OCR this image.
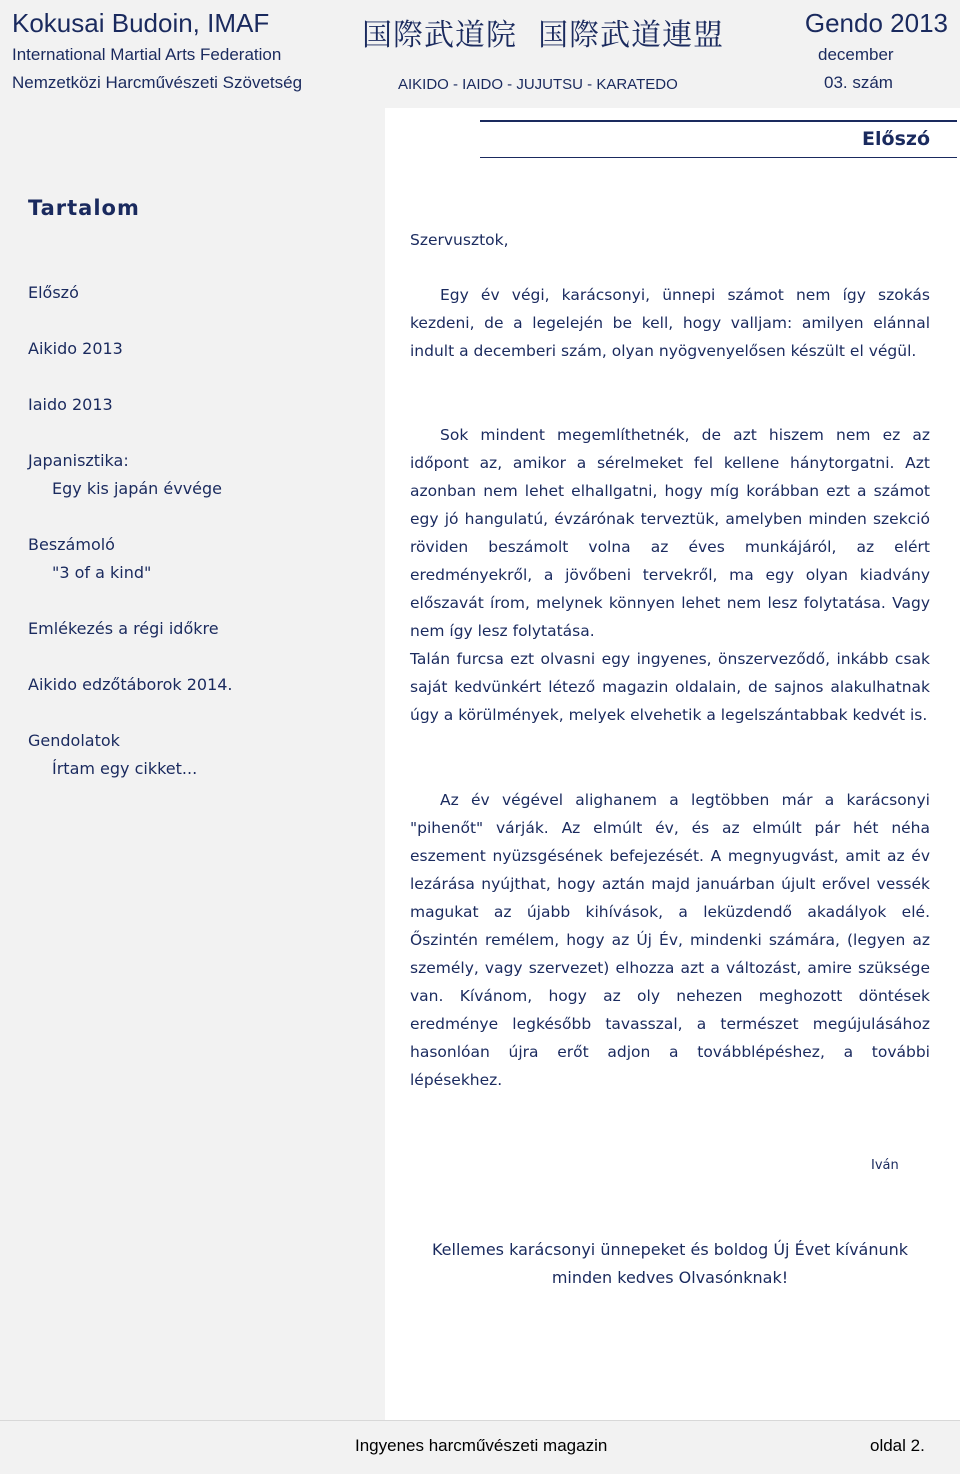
Kokusai Budoin, IMAF
International Martial Arts Federation
Nemzetközi Harcművészeti Szövetség
国際武道院  国際武道連盟
AIKIDO - IAIDO - JUJUTSU - KARATEDO
Gendo 2013
december
03. szám
Tartalom
Előszó
Aikido 2013
Iaido 2013
Japanisztika:
Egy kis japán évvége
Beszámoló
"3 of a kind"
Emlékezés a régi időkre
Aikido edzőtáborok 2014.
Gendolatok
Írtam egy cikket...
Előszó
Szervusztok,
Egy év végi, karácsonyi, ünnepi számot nem így szokás kezdeni, de a legelején be kell, hogy valljam: amilyen elánnal indult a decemberi szám, olyan nyögvenyelősen készült el végül.
Sok mindent megemlíthetnék, de azt hiszem nem ez az időpont az, amikor a sérelmeket fel kellene hánytorgatni. Azt azonban nem lehet elhallgatni, hogy míg korábban ezt a számot egy jó hangulatú, évzárónak terveztük, amelyben minden szekció röviden beszámolt volna az éves munkájáról, az elért eredményekről, a jövőbeni tervekről, ma egy olyan kiadvány előszavát írom, melynek könnyen lehet nem lesz folytatása. Vagy nem így lesz folytatása.
Talán furcsa ezt olvasni egy ingyenes, önszerveződő, inkább csak saját kedvünkért létező magazin oldalain, de sajnos alakulhatnak úgy a körülmények, melyek elvehetik a legelszántabbak kedvét is.
Az év végével alighanem a legtöbben már a karácsonyi "pihenőt" várják. Az elmúlt év, és az elmúlt pár hét néha eszement nyüzsgésének befejezését. A megnyugvást, amit az év lezárása nyújthat, hogy aztán majd januárban újult erővel vessék magukat az újabb kihívások, a leküzdendő akadályok elé. Őszintén remélem, hogy az Új Év, mindenki számára, (legyen az személy, vagy szervezet) elhozza azt a változást, amire szüksége van. Kívánom, hogy az oly nehezen meghozott döntések eredménye legkésőbb tavasszal, a természet megújulásához hasonlóan újra erőt adjon a továbblépéshez, a további lépésekhez.
Iván
Kellemes karácsonyi ünnepeket és boldog Új Évet kívánunk
minden kedves Olvasónknak!
Ingyenes harcművészeti magazin	oldal 2.
